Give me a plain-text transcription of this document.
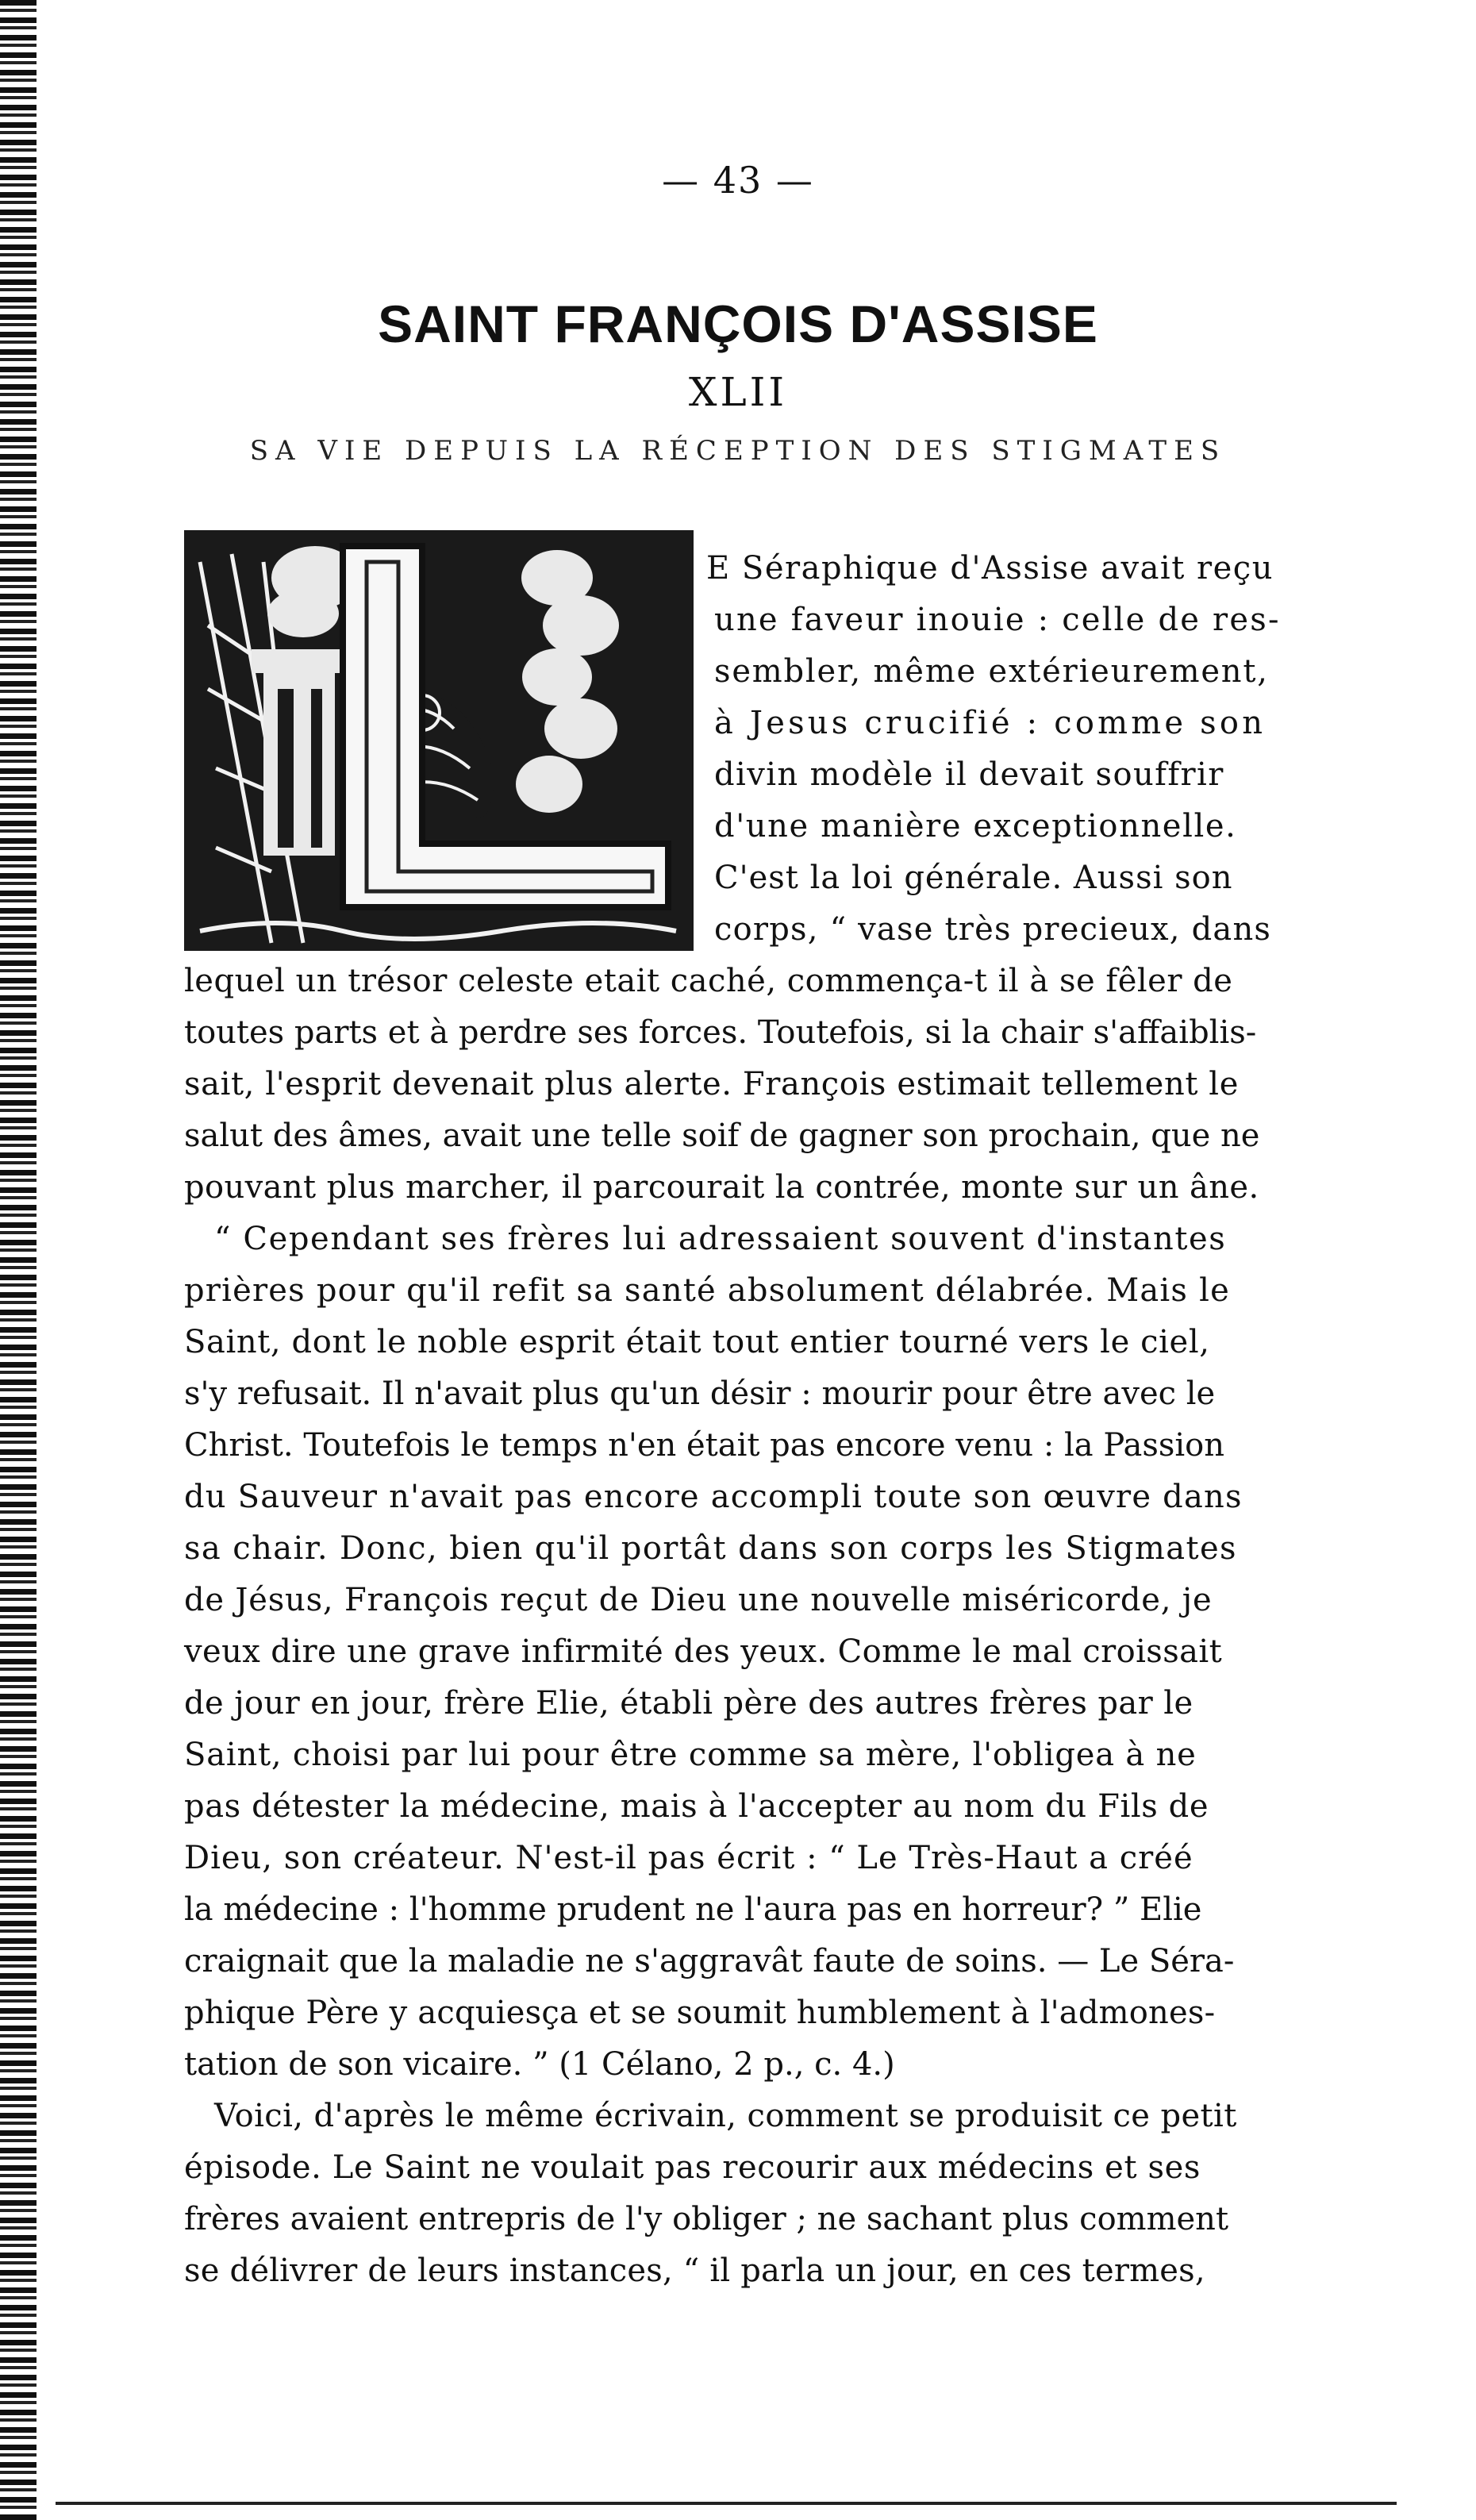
— 43 —
SAINT FRANÇOIS D'ASSISE
XLII
SA VIE DEPUIS LA RÉCEPTION DES STIGMATES
E Séraphique d'Assise avait reçu
une faveur inouie : celle de res-
sembler, même extérieurement,
à Jesus crucifié : comme son
divin modèle il devait souffrir
d'une manière exceptionnelle.
C'est la loi générale. Aussi son
corps, “ vase très precieux, dans
lequel un trésor celeste etait caché, commença-t il à se fêler de
toutes parts et à perdre ses forces. Toutefois, si la chair s'affaiblis-
sait, l'esprit devenait plus alerte. François estimait tellement le
salut des âmes, avait une telle soif de gagner son prochain, que ne
pouvant plus marcher, il parcourait la contrée, monte sur un âne.
“ Cependant ses frères lui adressaient souvent d'instantes
prières pour qu'il refit sa santé absolument délabrée. Mais le
Saint, dont le noble esprit était tout entier tourné vers le ciel,
s'y refusait. Il n'avait plus qu'un désir : mourir pour être avec le
Christ. Toutefois le temps n'en était pas encore venu : la Passion
du Sauveur n'avait pas encore accompli toute son œuvre dans
sa chair. Donc, bien qu'il portât dans son corps les Stigmates
de Jésus, François reçut de Dieu une nouvelle miséricorde, je
veux dire une grave infirmité des yeux. Comme le mal croissait
de jour en jour, frère Elie, établi père des autres frères par le
Saint, choisi par lui pour être comme sa mère, l'obligea à ne
pas détester la médecine, mais à l'accepter au nom du Fils de
Dieu, son créateur. N'est-il pas écrit : “ Le Très-Haut a créé
la médecine : l'homme prudent ne l'aura pas en horreur? ” Elie
craignait que la maladie ne s'aggravât faute de soins. — Le Séra-
phique Père y acquiesça et se soumit humblement à l'admones-
tation de son vicaire. ” (1 Célano, 2 p., c. 4.)
Voici, d'après le même écrivain, comment se produisit ce petit
épisode. Le Saint ne voulait pas recourir aux médecins et ses
frères avaient entrepris de l'y obliger ; ne sachant plus comment
se délivrer de leurs instances, “ il parla un jour, en ces termes,
